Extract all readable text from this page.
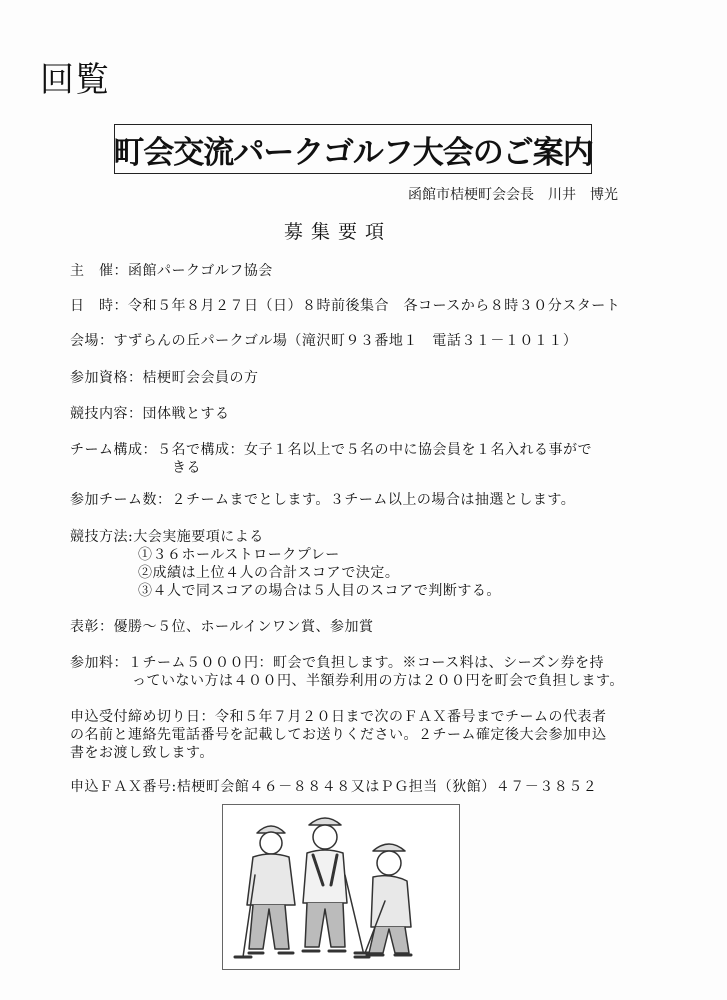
回覧
町会交流パークゴルフ大会のご案内
函館市桔梗町会会長　川井　博光
募集要項
主　催：函館パークゴルフ協会
日　時：令和５年８月２７日（日）８時前後集合　各コースから８時３０分スタート
会場：すずらんの丘パークゴル場（滝沢町９３番地１　電話３１－１０１１）
参加資格：桔梗町会会員の方
競技内容：団体戦とする
チーム構成：５名で構成：女子１名以上で５名の中に協会員を１名入れる事がで
きる
参加チーム数：２チームまでとします。３チーム以上の場合は抽選とします。
競技方法:大会実施要項による
①３６ホールストロークプレー
②成績は上位４人の合計スコアで決定。
③４人で同スコアの場合は５人目のスコアで判断する。
表彰：優勝～５位、ホールインワン賞、参加賞
参加料：１チーム５０００円：町会で負担します。※コース料は、シーズン券を持
っていない方は４００円、半額券利用の方は２００円を町会で負担します。
申込受付締め切り日：令和５年７月２０日まで次のＦＡＸ番号までチームの代表者
の名前と連絡先電話番号を記載してお送りください。２チーム確定後大会参加申込
書をお渡し致します。
申込ＦＡＸ番号:桔梗町会館４６－８８４８又はＰＧ担当（狄館）４７－３８５２
